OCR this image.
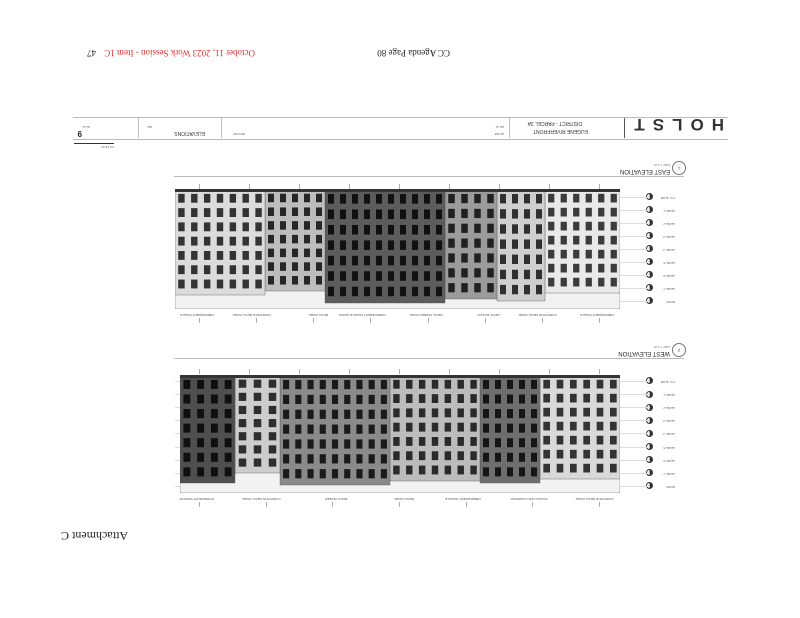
CC Agenda Page 80
October 11, 2023 Work Session - Item 1C 47
HOLST
EUGENE RIVERFRONT
DISTRICT - PARCEL 3A
job no.
22-008
08/17/23
title:
ELEVATIONS
sheet:
9
0 8 16 32
1
EAST ELEVATION
1/16" = 1'-0"
FIBERCEMENT PANELS
COMPOSITE METAL PANEL
METAL RAILING
METAL SCREEN PANEL
FIBERCEMENT SHINGLE SIDING
METAL PANEL
COMPOSITE METAL PANEL
FIBERCEMENT PANELS
ROOF
LEVEL 7
LEVEL 6
LEVEL 5
LEVEL 4
LEVEL 3
LEVEL 2
LEVEL 1
T.O. SLAB
2
WEST ELEVATION
1/16" = 1'-0"
COMPOSITE METAL PANEL
RAILING AND GUARDRAIL
FIBERCEMENT SHINGLE
METAL PANEL
BRICK VENEER
COMPOSITE METAL PANEL
STOREFRONT WINDOW
ROOF
LEVEL 7
LEVEL 6
LEVEL 5
LEVEL 4
LEVEL 3
LEVEL 2
LEVEL 1
T.O. SLAB
Attachment C
